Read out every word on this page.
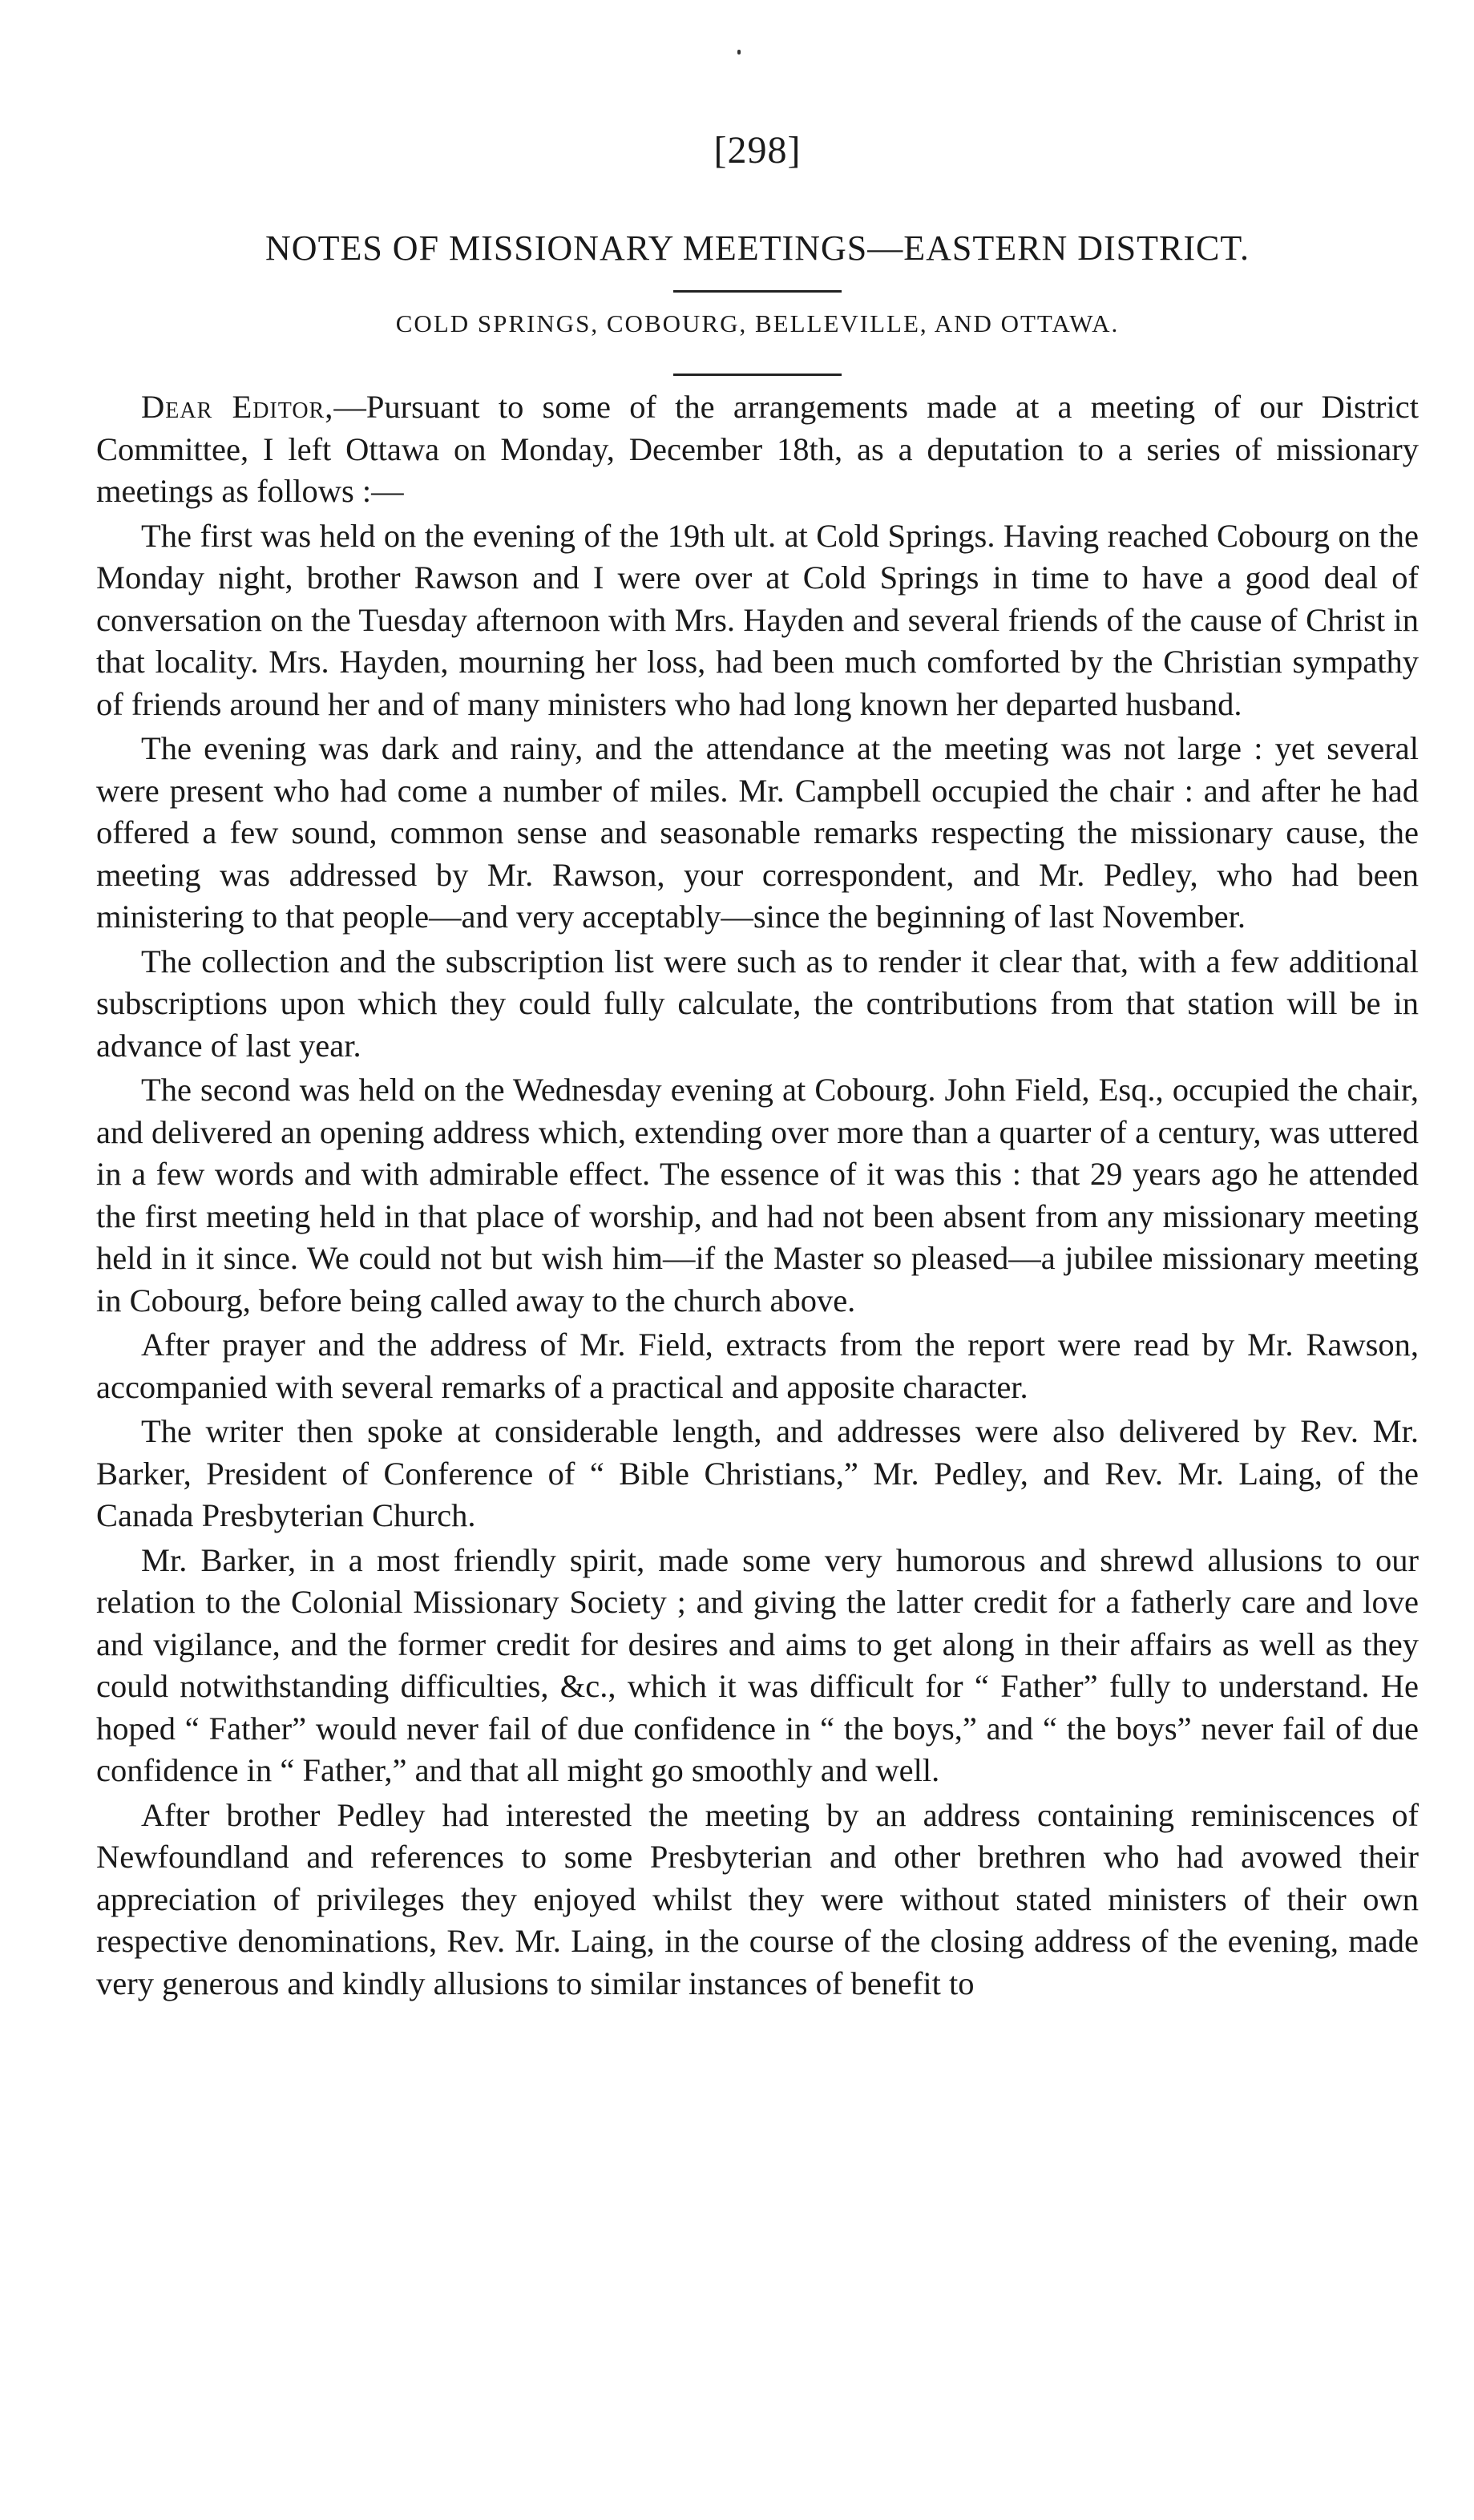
[298]
NOTES OF MISSIONARY MEETINGS—EASTERN DISTRICT.
COLD SPRINGS, COBOURG, BELLEVILLE, AND OTTAWA.

Dear Editor,—Pursuant to some of the arrangements made at a meeting of our District Committee, I left Ottawa on Monday, December 18th, as a deputation to a series of missionary meetings as follows :—

The first was held on the evening of the 19th ult. at Cold Springs. Having reached Cobourg on the Monday night, brother Rawson and I were over at Cold Springs in time to have a good deal of conversation on the Tuesday afternoon with Mrs. Hayden and several friends of the cause of Christ in that locality. Mrs. Hayden, mourning her loss, had been much comforted by the Christian sympathy of friends around her and of many ministers who had long known her departed husband.

The evening was dark and rainy, and the attendance at the meeting was not large : yet several were present who had come a number of miles. Mr. Campbell occupied the chair : and after he had offered a few sound, common sense and seasonable remarks respecting the missionary cause, the meeting was addressed by Mr. Rawson, your correspondent, and Mr. Pedley, who had been ministering to that people—and very acceptably—since the beginning of last November.

The collection and the subscription list were such as to render it clear that, with a few additional subscriptions upon which they could fully calculate, the contributions from that station will be in advance of last year.

The second was held on the Wednesday evening at Cobourg. John Field, Esq., occupied the chair, and delivered an opening address which, extending over more than a quarter of a century, was uttered in a few words and with admirable effect. The essence of it was this : that 29 years ago he attended the first meeting held in that place of worship, and had not been absent from any missionary meeting held in it since. We could not but wish him—if the Master so pleased—a jubilee missionary meeting in Cobourg, before being called away to the church above.

After prayer and the address of Mr. Field, extracts from the report were read by Mr. Rawson, accompanied with several remarks of a practical and apposite character.

The writer then spoke at considerable length, and addresses were also delivered by Rev. Mr. Barker, President of Conference of “ Bible Christians,” Mr. Pedley, and Rev. Mr. Laing, of the Canada Presbyterian Church.

Mr. Barker, in a most friendly spirit, made some very humorous and shrewd allusions to our relation to the Colonial Missionary Society ; and giving the latter credit for a fatherly care and love and vigilance, and the former credit for desires and aims to get along in their affairs as well as they could notwithstanding difficulties, &c., which it was difficult for “ Father” fully to understand. He hoped “ Father” would never fail of due confidence in “ the boys,” and “ the boys” never fail of due confidence in “ Father,” and that all might go smoothly and well.

After brother Pedley had interested the meeting by an address containing reminiscences of Newfoundland and references to some Presbyterian and other brethren who had avowed their appreciation of privileges they enjoyed whilst they were without stated ministers of their own respective denominations, Rev. Mr. Laing, in the course of the closing address of the evening, made very generous and kindly allusions to similar instances of benefit to
